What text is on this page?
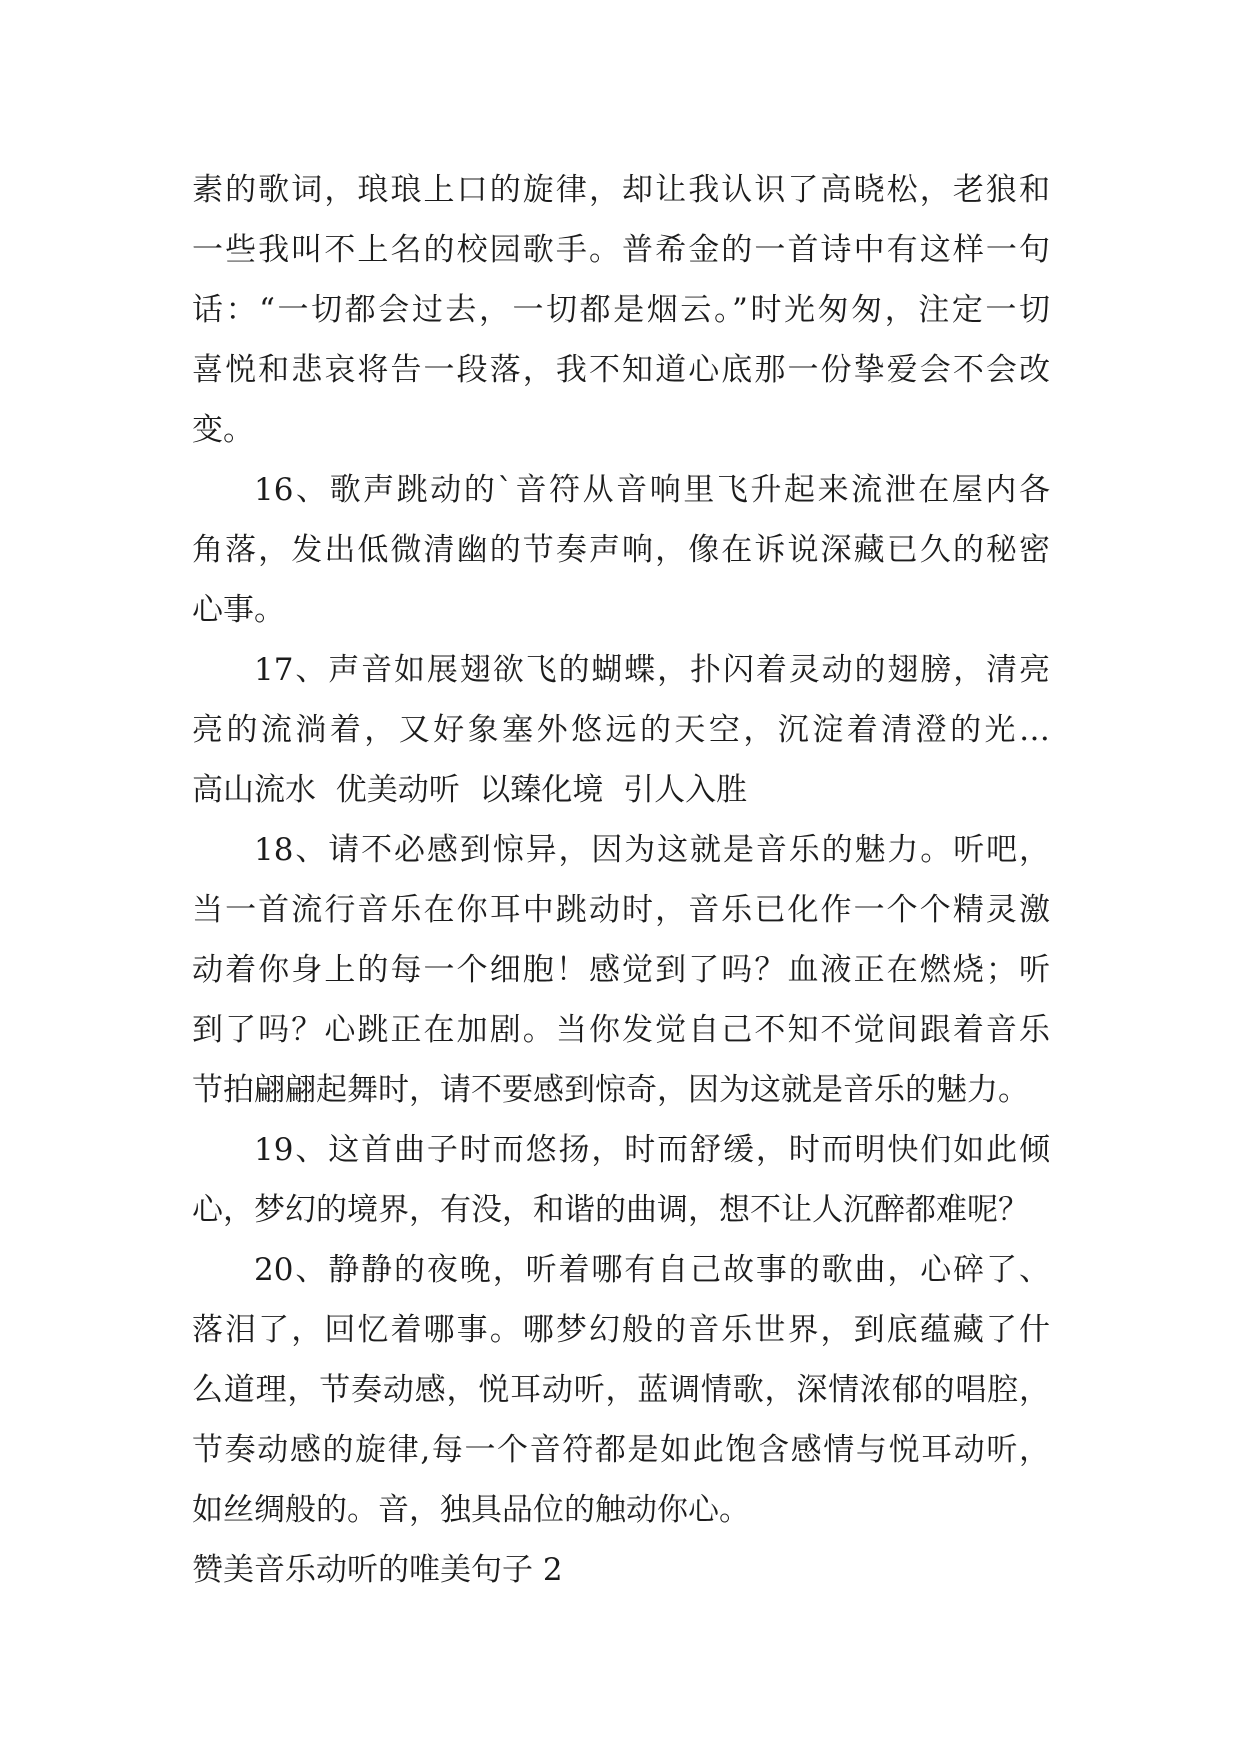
素的歌词，琅琅上口的旋律，却让我认识了高晓松，老狼和
一些我叫不上名的校园歌手。普希金的一首诗中有这样一句
话：“一切都会过去，一切都是烟云。”时光匆匆，注定一切
喜悦和悲哀将告一段落，我不知道心底那一份挚爱会不会改
变。
16、歌声跳动的`音符从音响里飞升起来流泄在屋内各
角落，发出低微清幽的节奏声响，像在诉说深藏已久的秘密
心事。
17、声音如展翅欲飞的蝴蝶，扑闪着灵动的翅膀，清亮
亮的流淌着，又好象塞外悠远的天空，沉淀着清澄的光…
高山流水  优美动听  以臻化境  引人入胜
18、请不必感到惊异，因为这就是音乐的魅力。听吧，
当一首流行音乐在你耳中跳动时，音乐已化作一个个精灵激
动着你身上的每一个细胞！感觉到了吗？血液正在燃烧；听
到了吗？心跳正在加剧。当你发觉自己不知不觉间跟着音乐
节拍翩翩起舞时，请不要感到惊奇，因为这就是音乐的魅力。
19、这首曲子时而悠扬，时而舒缓，时而明快们如此倾
心，梦幻的境界，有没，和谐的曲调，想不让人沉醉都难呢？
20、静静的夜晚，听着哪有自己故事的歌曲，心碎了、
落泪了，回忆着哪事。哪梦幻般的音乐世界，到底蕴藏了什
么道理，节奏动感，悦耳动听，蓝调情歌，深情浓郁的唱腔，
节奏动感的旋律,每一个音符都是如此饱含感情与悦耳动听，
如丝绸般的。音，独具品位的触动你心。
赞美音乐动听的唯美句子 2
